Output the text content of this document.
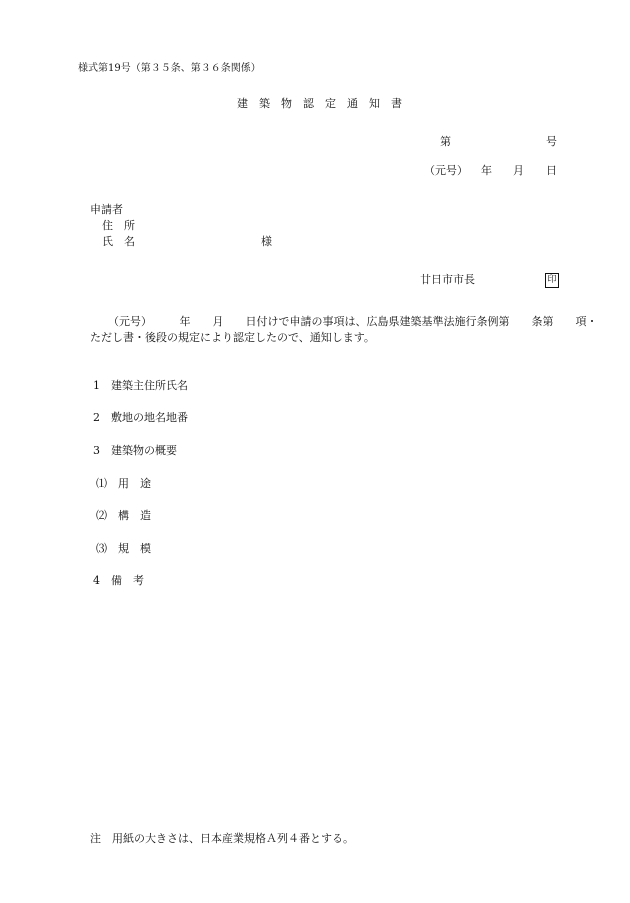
様式第19号（第３５条、第３６条関係）
建　築　物　認　定　通　知　書
第	号
（元号） 年 月 日
申請者
住　所
氏　名	様
廿日市市長	印
（元号）　　　年　　月　　日付けで申請の事項は、広島県建築基準法施行条例第　　条第　　項・
ただし書・後段の規定により認定したので、通知します。
1　建築主住所氏名
2　敷地の地名地番
3　建築物の概要
⑴　用　途
⑵　構　造
⑶　規　模
4　備　考
注　用紙の大きさは、日本産業規格Ａ列４番とする。
